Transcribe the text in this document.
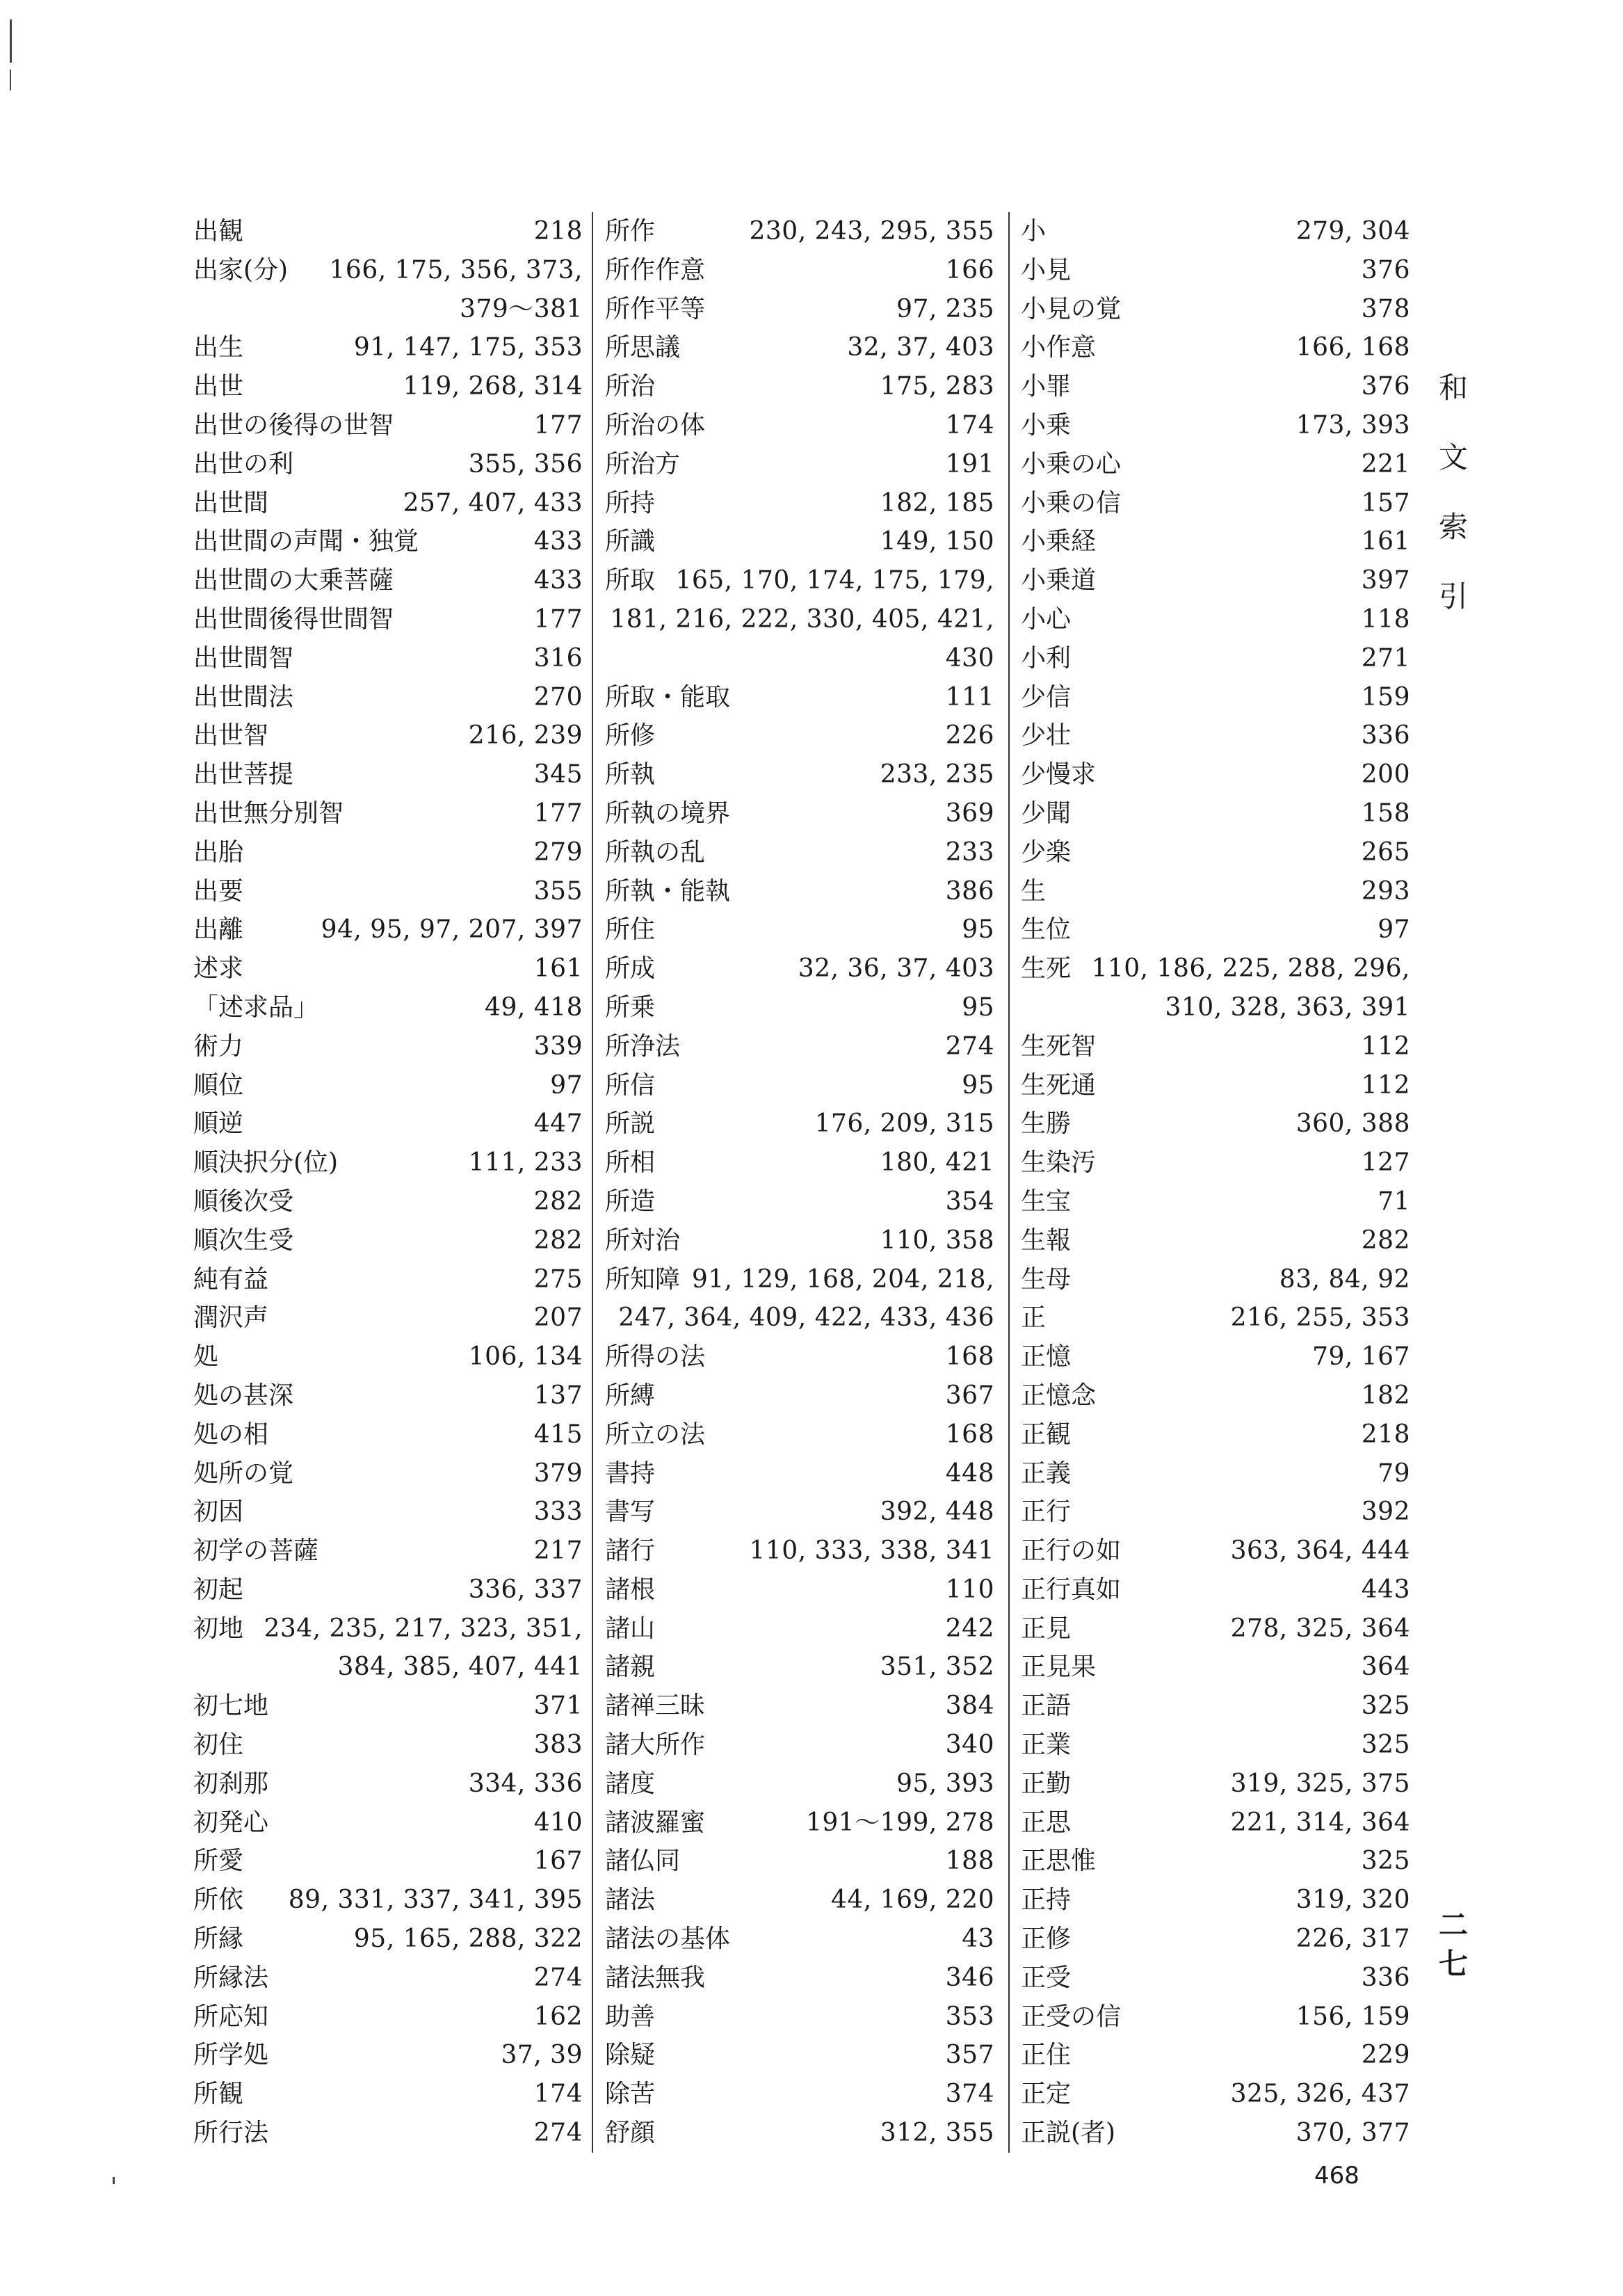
出観	218
出家(分)	166, 175, 356, 373,
379〜381
出生	91, 147, 175, 353
出世	119, 268, 314
出世の後得の世智	177
出世の利	355, 356
出世間	257, 407, 433
出世間の声聞・独覚	433
出世間の大乗菩薩	433
出世間後得世間智	177
出世間智	316
出世間法	270
出世智	216, 239
出世菩提	345
出世無分別智	177
出胎	279
出要	355
出離	94, 95, 97, 207, 397
述求	161
「述求品」	49, 418
術力	339
順位	97
順逆	447
順決択分(位)	111, 233
順後次受	282
順次生受	282
純有益	275
潤沢声	207
処	106, 134
処の甚深	137
処の相	415
処所の覚	379
初因	333
初学の菩薩	217
初起	336, 337
初地 234, 235, 217, 323, 351,
384, 385, 407, 441
初七地	371
初住	383
初刹那	334, 336
初発心	410
所愛	167
所依	89, 331, 337, 341, 395
所縁	95, 165, 288, 322
所縁法	274
所応知	162
所学処	37, 39
所観	174
所行法	274
所作	230, 243, 295, 355
所作作意	166
所作平等	97, 235
所思議	32, 37, 403
所治	175, 283
所治の体	174
所治方	191
所持	182, 185
所識	149, 150
所取 165, 170, 174, 175, 179,
181, 216, 222, 330, 405, 421,
430
所取・能取	111
所修	226
所執	233, 235
所執の境界	369
所執の乱	233
所執・能執	386
所住	95
所成	32, 36, 37, 403
所乗	95
所浄法	274
所信	95
所説	176, 209, 315
所相	180, 421
所造	354
所対治	110, 358
所知障 91, 129, 168, 204, 218,
247, 364, 409, 422, 433, 436
所得の法	168
所縛	367
所立の法	168
書持	448
書写	392, 448
諸行	110, 333, 338, 341
諸根	110
諸山	242
諸親	351, 352
諸禅三昧	384
諸大所作	340
諸度	95, 393
諸波羅蜜	191〜199, 278
諸仏同	188
諸法	44, 169, 220
諸法の基体	43
諸法無我	346
助善	353
除疑	357
除苦	374
舒顔	312, 355
小	279, 304
小見	376
小見の覚	378
小作意	166, 168
小罪	376
小乗	173, 393
小乗の心	221
小乗の信	157
小乗経	161
小乗道	397
小心	118
小利	271
少信	159
少壮	336
少慢求	200
少聞	158
少楽	265
生	293
生位	97
生死 110, 186, 225, 288, 296,
310, 328, 363, 391
生死智	112
生死通	112
生勝	360, 388
生染汚	127
生宝	71
生報	282
生母	83, 84, 92
正	216, 255, 353
正憶	79, 167
正憶念	182
正観	218
正義	79
正行	392
正行の如	363, 364, 444
正行真如	443
正見	278, 325, 364
正見果	364
正語	325
正業	325
正勤	319, 325, 375
正思	221, 314, 364
正思惟	325
正持	319, 320
正修	226, 317
正受	336
正受の信	156, 159
正住	229
正定	325, 326, 437
正説(者)	370, 377
和
文
索
引
二
七
468
